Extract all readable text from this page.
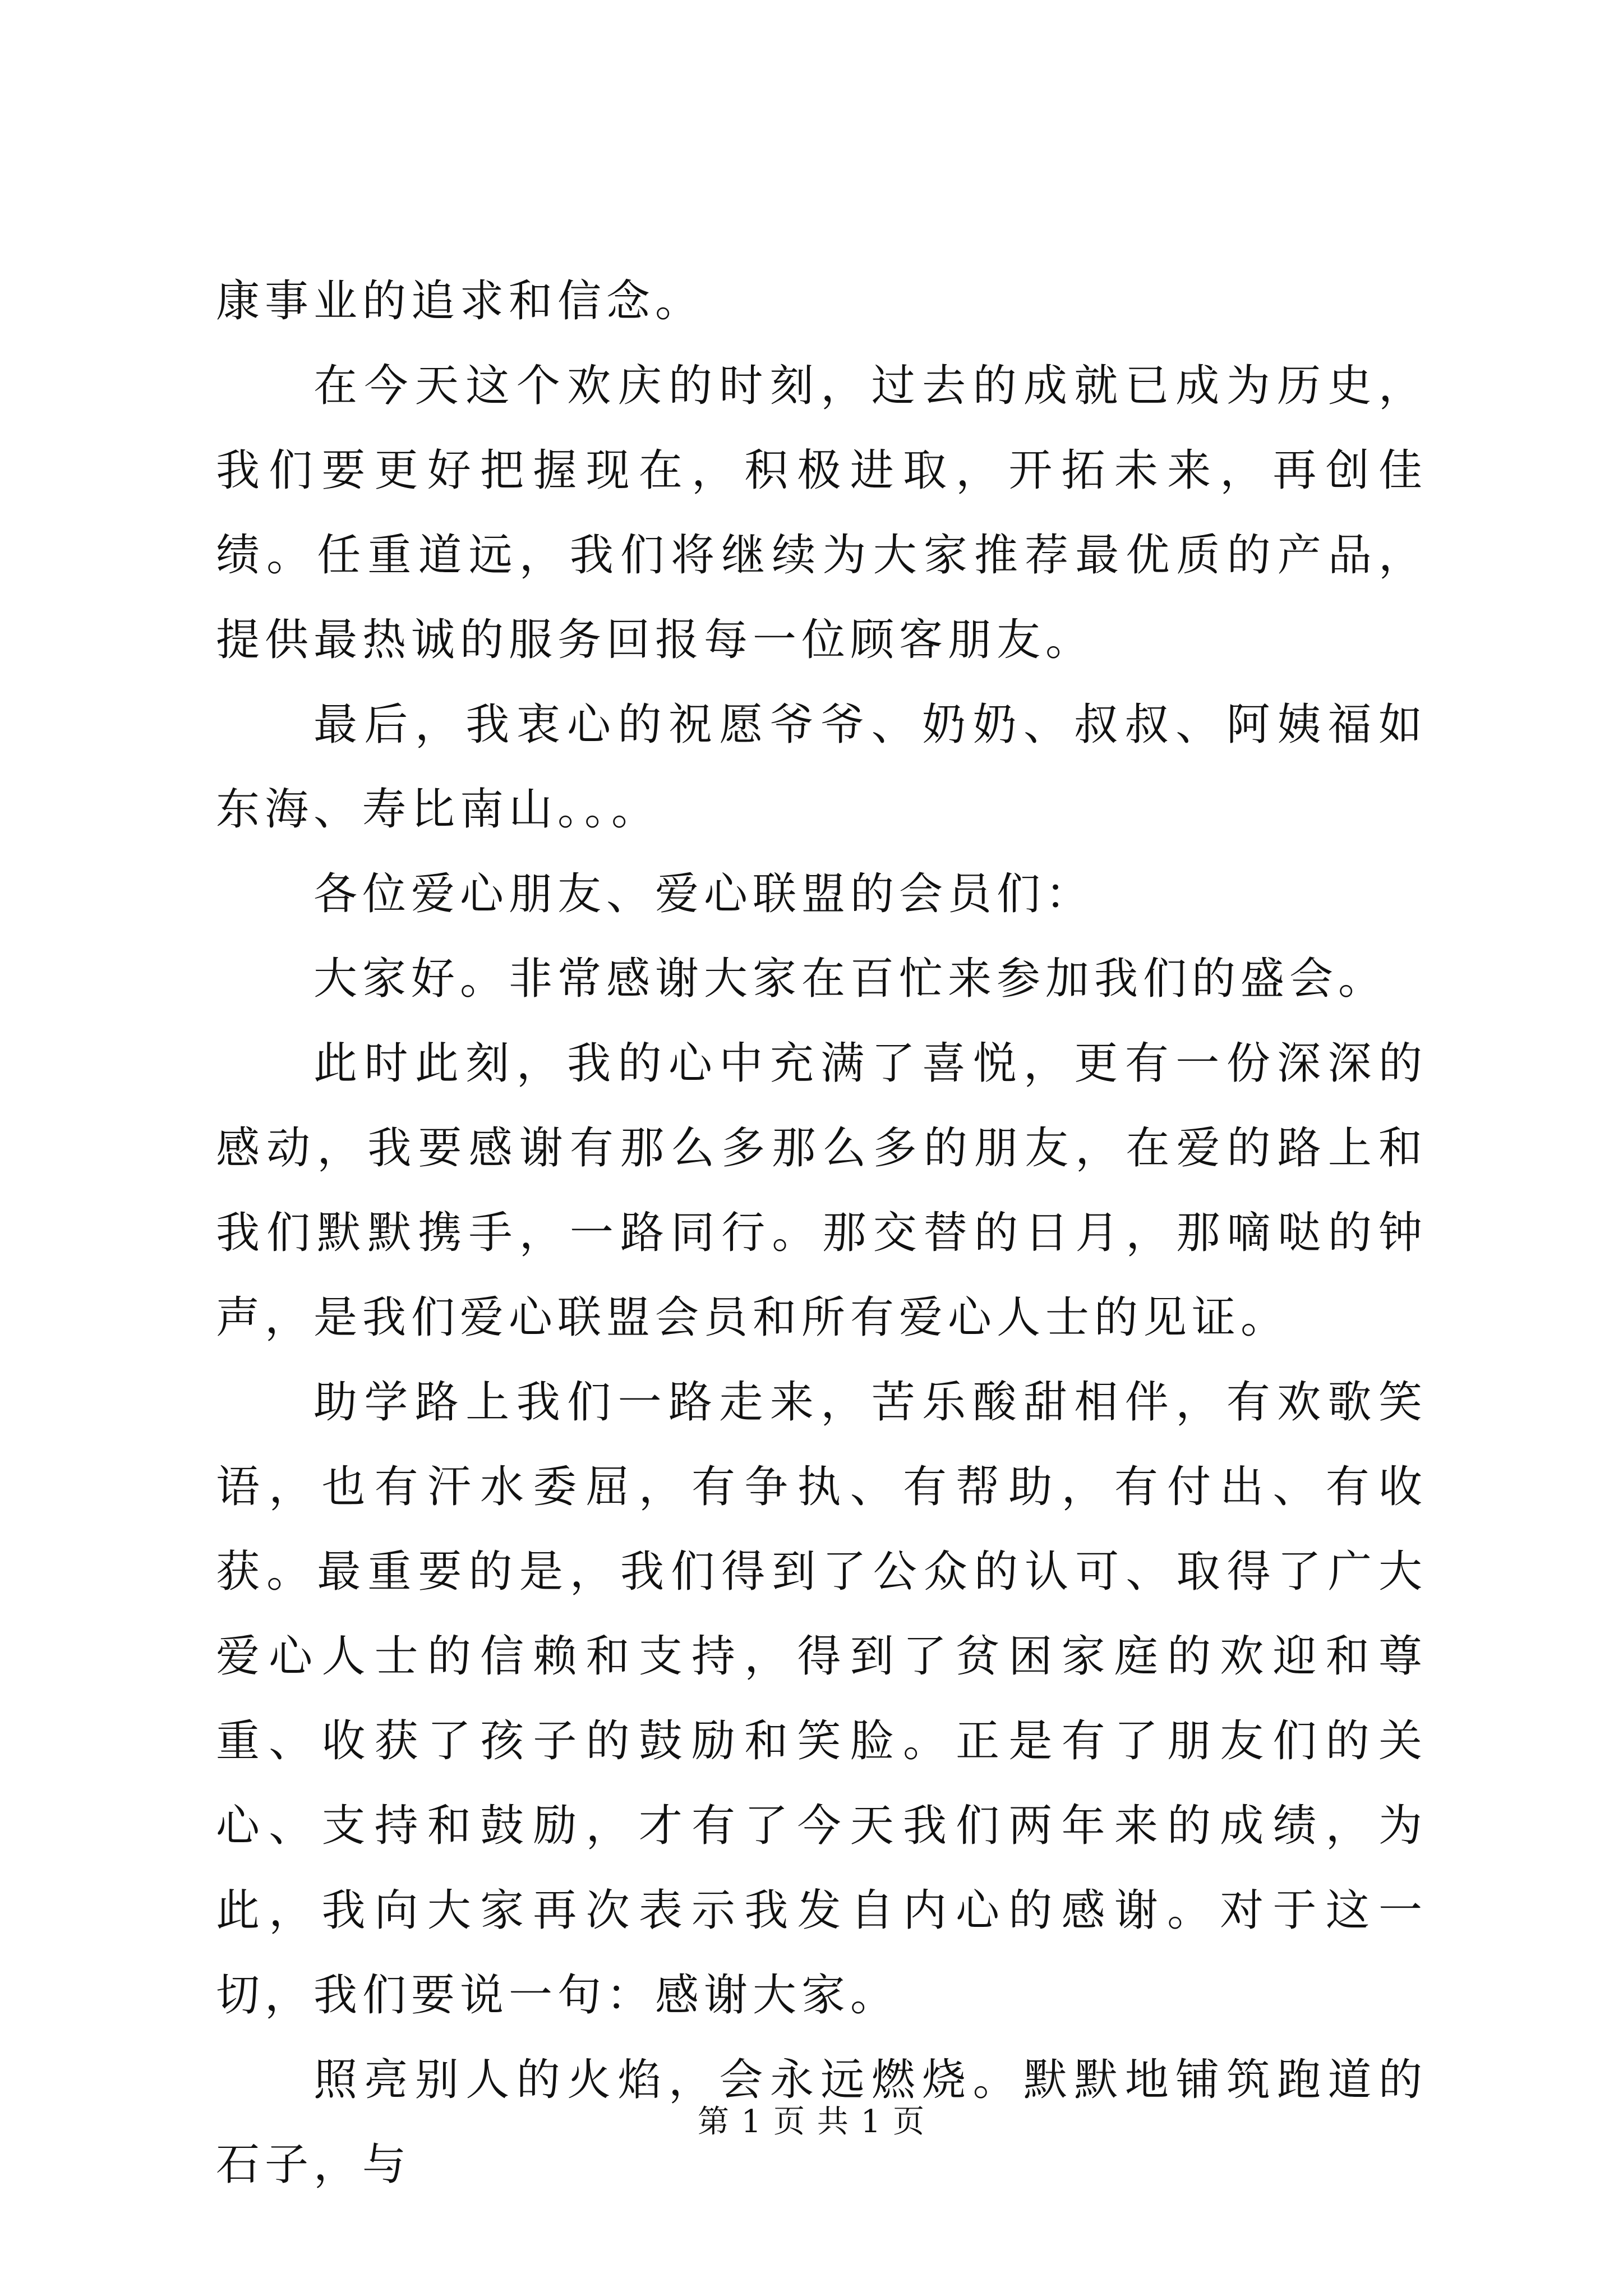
康事业的追求和信念。

在今天这个欢庆的时刻，过去的成就已成为历史，我们要更好把握现在，积极进取，开拓未来，再创佳绩。任重道远，我们将继续为大家推荐最优质的产品，提供最热诚的服务回报每一位顾客朋友。

最后，我衷心的祝愿爷爷、奶奶、叔叔、阿姨福如东海、寿比南山。。。

各位爱心朋友、爱心联盟的会员们：

大家好。非常感谢大家在百忙来参加我们的盛会。

此时此刻，我的心中充满了喜悦，更有一份深深的感动，我要感谢有那么多那么多的朋友，在爱的路上和我们默默携手，一路同行。那交替的日月，那嘀哒的钟声，是我们爱心联盟会员和所有爱心人士的见证。

助学路上我们一路走来，苦乐酸甜相伴，有欢歌笑语，也有汗水委屈，有争执、有帮助，有付出、有收获。最重要的是，我们得到了公众的认可、取得了广大爱心人士的信赖和支持，得到了贫困家庭的欢迎和尊重、收获了孩子的鼓励和笑脸。正是有了朋友们的关心、支持和鼓励，才有了今天我们两年来的成绩，为此，我向大家再次表示我发自内心的感谢。对于这一切，我们要说一句：感谢大家。

照亮别人的火焰，会永远燃烧。默默地铺筑跑道的石子，与

第 1 页 共 1 页
